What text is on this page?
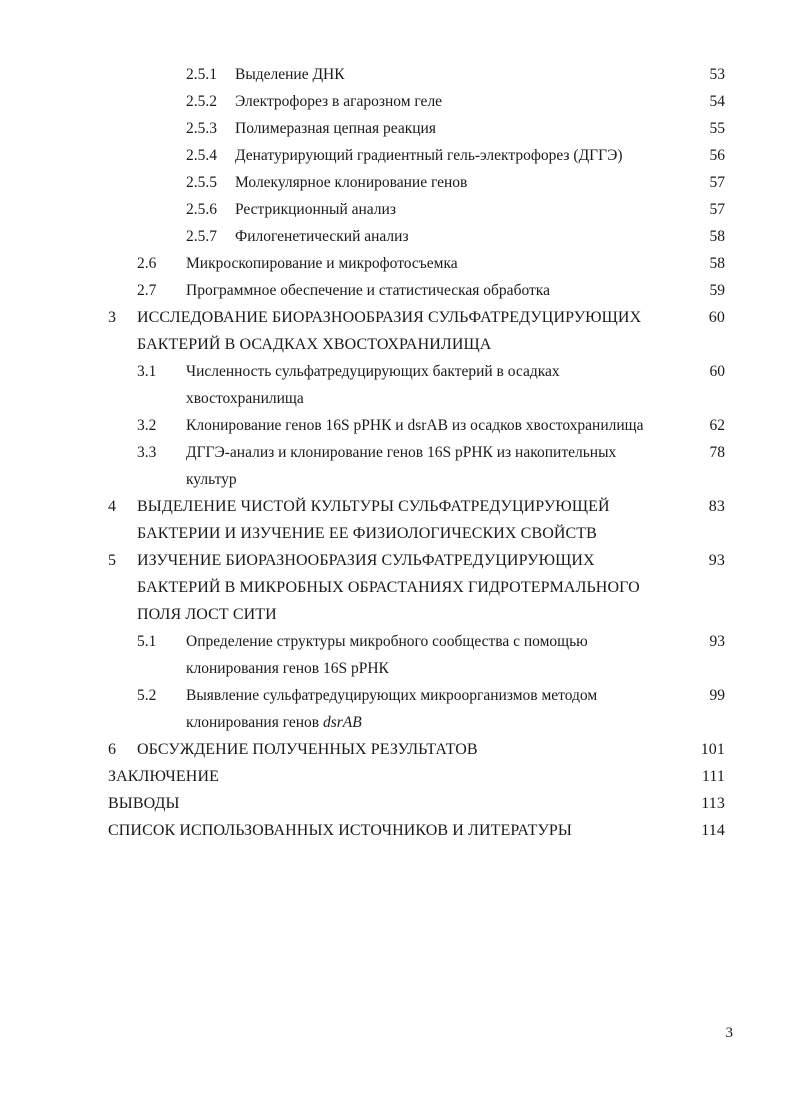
2.5.1 Выделение ДНК	53
2.5.2 Электрофорез в агарозном геле	54
2.5.3 Полимеразная цепная реакция	55
2.5.4 Денатурирующий градиентный гель-электрофорез (ДГГЭ)	56
2.5.5 Молекулярное клонирование генов	57
2.5.6 Рестрикционный анализ	57
2.5.7 Филогенетический анализ	58
2.6 Микроскопирование и микрофотосъемка	58
2.7 Программное обеспечение и статистическая обработка	59
3 ИССЛЕДОВАНИЕ БИОРАЗНООБРАЗИЯ СУЛЬФАТРЕДУЦИРУЮЩИХ	60
БАКТЕРИЙ В ОСАДКАХ ХВОСТОХРАНИЛИЩА
3.1 Численность сульфатредуцирующих бактерий в осадках	60
хвостохранилища
3.2 Клонирование генов 16S рРНК и dsrAB из осадков хвостохранилища	62
3.3 ДГГЭ-анализ и клонирование генов 16S рРНК из накопительных	78
культур
4 ВЫДЕЛЕНИЕ ЧИСТОЙ КУЛЬТУРЫ СУЛЬФАТРЕДУЦИРУЮЩЕЙ	83
БАКТЕРИИ И ИЗУЧЕНИЕ ЕЕ ФИЗИОЛОГИЧЕСКИХ СВОЙСТВ
5 ИЗУЧЕНИЕ БИОРАЗНООБРАЗИЯ СУЛЬФАТРЕДУЦИРУЮЩИХ	93
БАКТЕРИЙ В МИКРОБНЫХ ОБРАСТАНИЯХ ГИДРОТЕРМАЛЬНОГО
ПОЛЯ ЛОСТ СИТИ
5.1 Определение структуры микробного сообщества с помощью	93
клонирования генов 16S рРНК
5.2 Выявление сульфатредуцирующих микроорганизмов методом	99
клонирования генов dsrAB
6 ОБСУЖДЕНИЕ ПОЛУЧЕННЫХ РЕЗУЛЬТАТОВ	101
ЗАКЛЮЧЕНИЕ	111
ВЫВОДЫ	113
СПИСОК ИСПОЛЬЗОВАННЫХ ИСТОЧНИКОВ И ЛИТЕРАТУРЫ	114
3
